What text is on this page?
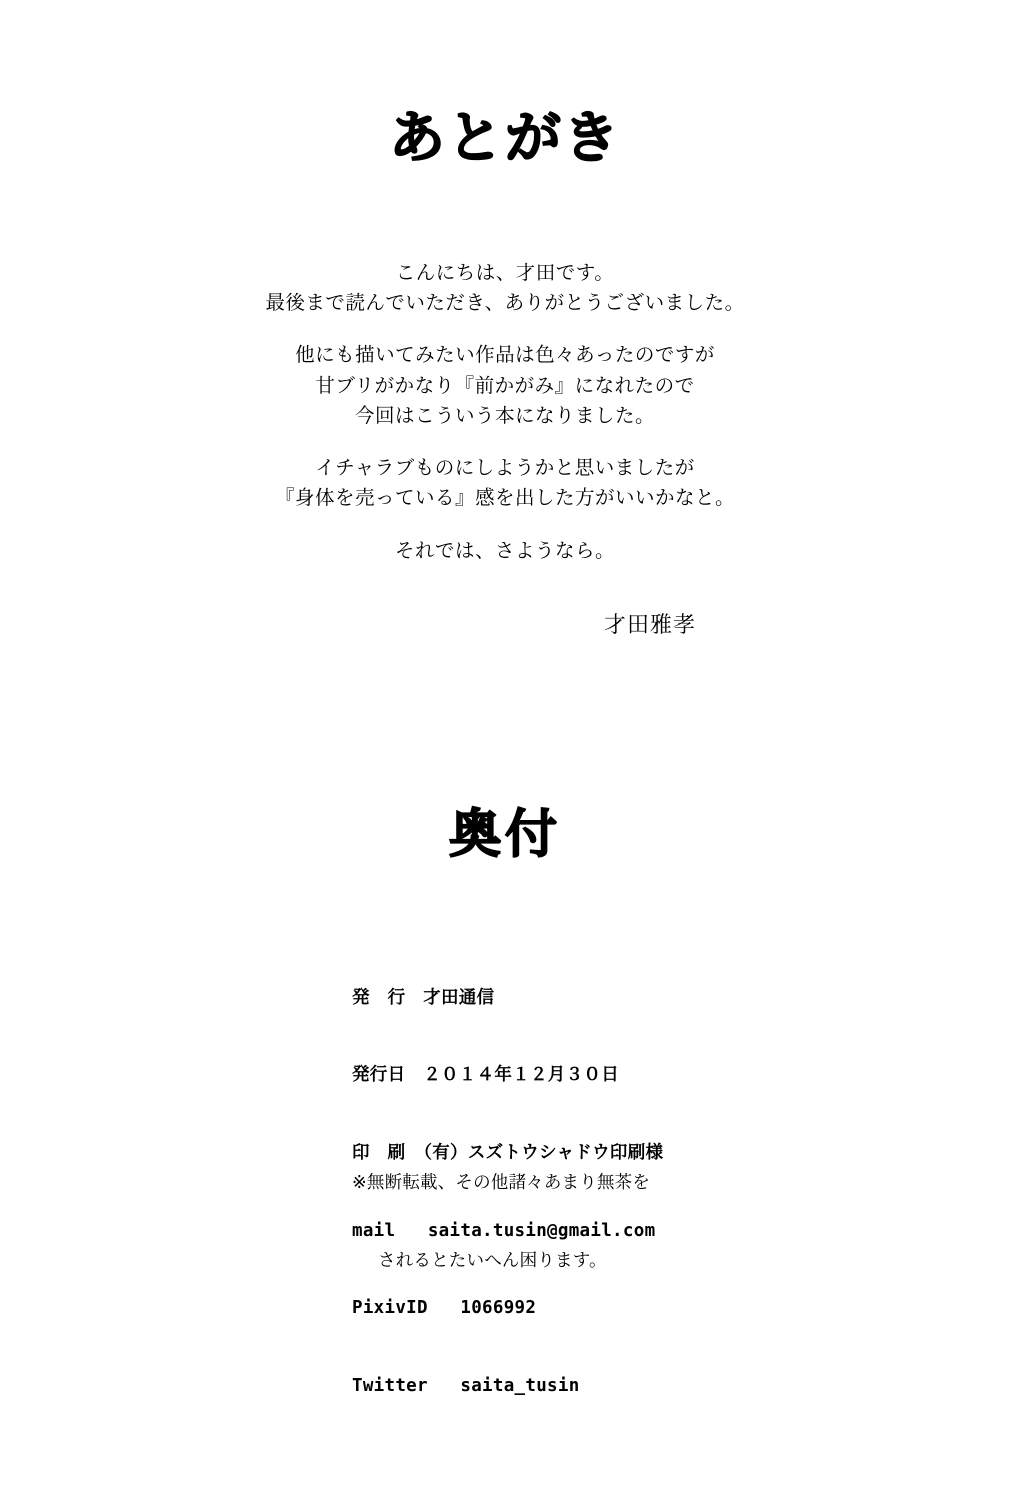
あとがき

こんにちは、才田です。
最後まで読んでいただき、ありがとうございました。

他にも描いてみたい作品は色々あったのですが
甘ブリがかなり『前かがみ』になれたので
今回はこういう本になりました。

イチャラブものにしようかと思いましたが
『身体を売っている』感を出した方がいいかなと。

それでは、さようなら。

才田雅孝
奥付

発　行　才田通信

発行日　２０１４年１２月３０日

印　刷　（有）スズトウシャドウ印刷様

mail   saita.tusin@gmail.com

PixivID   1066992

Twitter   saita_tusin

※無断転載、その他諸々あまり無茶を

されるとたいへん困ります。
